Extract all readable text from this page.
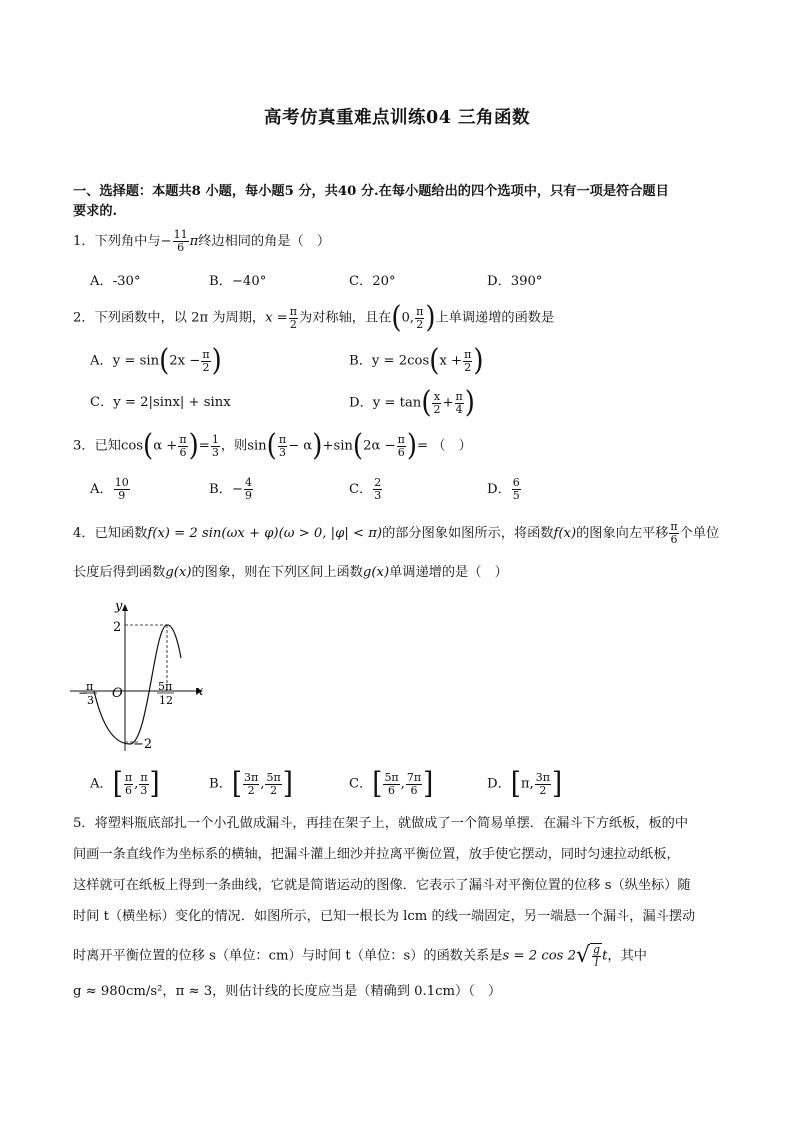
高考仿真重难点训练04 三角函数
一、选择题：本题共8 小题，每小题5 分，共40 分.在每小题给出的四个选项中，只有一项是符合题目
要求的.
1．下列角中与− $\frac{11}{6}$ π终边相同的角是（　）
A．-30°	B．−40°	C．20°	D．390°
2．下列函数中，以 2π 为周期，$x = \frac{\pi}{2}$ 为对称轴，且在(0, $\frac{\pi}{2}$ )上单调递增的函数是
A．$y = \sin(2x - \frac{\pi}{2}$ )	B．$y = 2\cos(x + \frac{\pi}{2}$ )
C．y = 2|sinx| + sinx	D．$y = \tan( \frac{x}{2} + \frac{\pi}{4}$ )
3．已知$\cos(\alpha + \frac{\pi}{6}$ )= $\frac{1}{3}$ ，则$\sin( \frac{\pi}{3} - \alpha)+\sin(2\alpha - \frac{\pi}{6}$ )= （　）
A． $\frac{10}{9}$	B．− $\frac{4}{9}$	C． $\frac{2}{3}$	D． $\frac{6}{5}$
4．已知函数f(x) = 2 sin(ωx + φ)(ω > 0, |φ| < π)的部分图象如图所示，将函数f(x)的图象向左平移 $\frac{\pi}{6}$ 个单位
长度后得到函数g(x)的图象，则在下列区间上函数g(x)单调递增的是（　）
y
x
O
2
−2
−
π
3
5π
12
A．[ $\frac{\pi}{6}$ , $\frac{\pi}{3}$ ]	B．[ $\frac{3\pi}{2}$ , $\frac{5\pi}{2}$ ]	C．[ $\frac{5\pi}{6}$ , $\frac{7\pi}{6}$ ]	D．[π, $\frac{3\pi}{2}$ ]
5．将塑料瓶底部扎一个小孔做成漏斗，再挂在架子上，就做成了一个简易单摆．在漏斗下方纸板，板的中
间画一条直线作为坐标系的横轴，把漏斗灌上细沙并拉离平衡位置，放手使它摆动，同时匀速拉动纸板，
这样就可在纸板上得到一条曲线，它就是简谐运动的图像．它表示了漏斗对平衡位置的位移 s（纵坐标）随
时间 t（横坐标）变化的情况．如图所示，已知一根长为 lcm 的线一端固定，另一端悬一个漏斗，漏斗摆动
时离开平衡位置的位移 s（单位：cm）与时间 t（单位：s）的函数关系是s = 2 $\cos 2√ \frac{g}{l}$ t，其中
g ≈ 980cm/s²，π ≈ 3，则估计线的长度应当是（精确到 0.1cm）（　）
